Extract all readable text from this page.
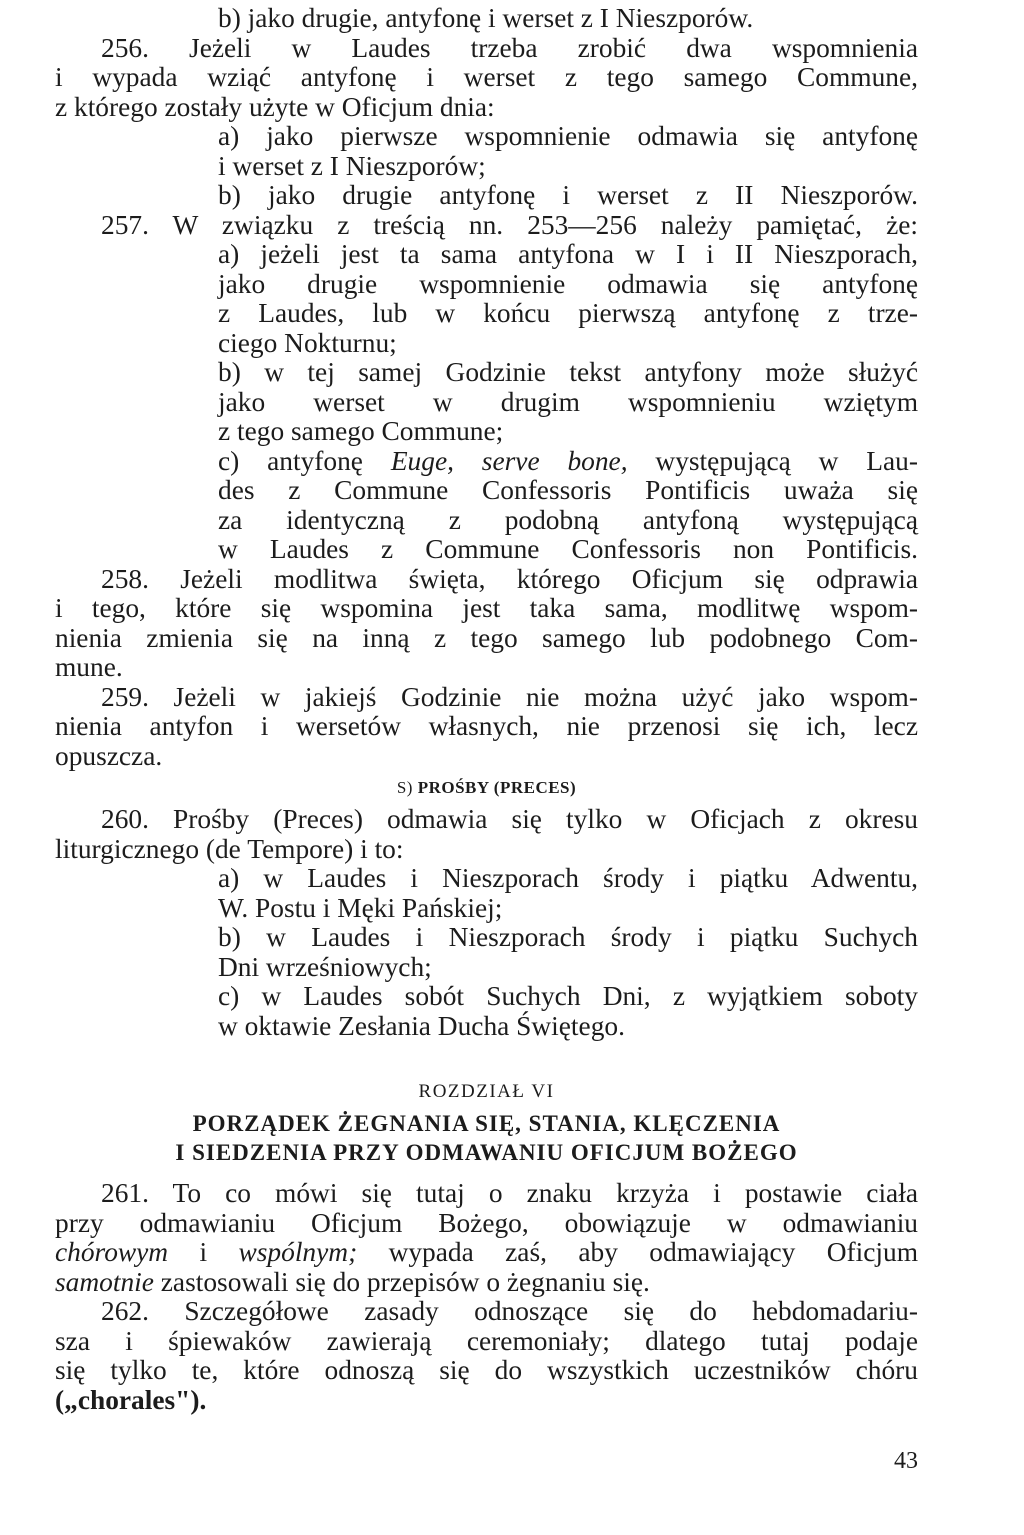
b) jako drugie, antyfonę i werset z I Nieszporów.
256. Jeżeli w Laudes trzeba zrobić dwa wspomnienia
i wypada wziąć antyfonę i werset z tego samego Commune,
z którego zostały użyte w Oficjum dnia:
a) jako pierwsze wspomnienie odmawia się antyfonę
i werset z I Nieszporów;
b) jako drugie antyfonę i werset z II Nieszporów.
257. W związku z treścią nn. 253—256 należy pamiętać, że:
a) jeżeli jest ta sama antyfona w I i II Nieszporach,
jako drugie wspomnienie odmawia się antyfonę
z Laudes, lub w końcu pierwszą antyfonę z trze-
ciego Nokturnu;
b) w tej samej Godzinie tekst antyfony może służyć
jako werset w drugim wspomnieniu wziętym
z tego samego Commune;
c) antyfonę Euge, serve bone, występującą w Lau-
des z Commune Confessoris Pontificis uważa się
za identyczną z podobną antyfoną występującą
w Laudes z Commune Confessoris non Pontificis.
258. Jeżeli modlitwa święta, którego Oficjum się odprawia
i tego, które się wspomina jest taka sama, modlitwę wspom-
nienia zmienia się na inną z tego samego lub podobnego Com-
mune.
259. Jeżeli w jakiejś Godzinie nie można użyć jako wspom-
nienia antyfon i wersetów własnych, nie przenosi się ich, lecz
opuszcza.
S) PROŚBY (PRECES)
260. Prośby (Preces) odmawia się tylko w Oficjach z okresu
liturgicznego (de Tempore) i to:
a) w Laudes i Nieszporach środy i piątku Adwentu,
W. Postu i Męki Pańskiej;
b) w Laudes i Nieszporach środy i piątku Suchych
Dni wrześniowych;
c) w Laudes sobót Suchych Dni, z wyjątkiem soboty
w oktawie Zesłania Ducha Świętego.
ROZDZIAŁ VI
PORZĄDEK ŻEGNANIA SIĘ, STANIA, KLĘCZENIA
I SIEDZENIA PRZY ODMAWANIU OFICJUM BOŻEGO
261. To co mówi się tutaj o znaku krzyża i postawie ciała
przy odmawianiu Oficjum Bożego, obowiązuje w odmawianiu
chórowym i wspólnym; wypada zaś, aby odmawiający Oficjum
samotnie zastosowali się do przepisów o żegnaniu się.
262. Szczegółowe zasady odnoszące się do hebdomadariu-
sza i śpiewaków zawierają ceremoniały; dlatego tutaj podaje
się tylko te, które odnoszą się do wszystkich uczestników chóru
(„chorales").
43
